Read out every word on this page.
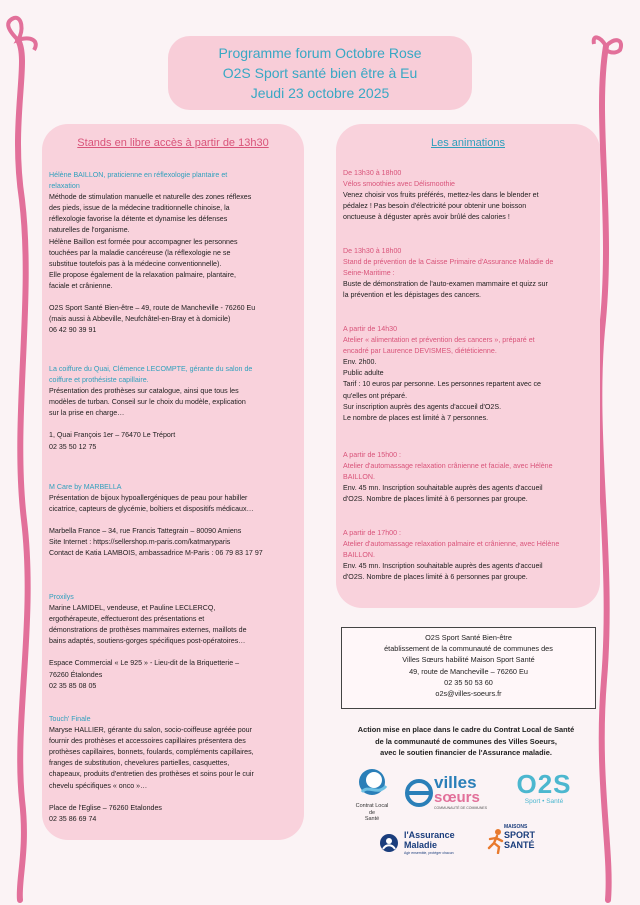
Programme forum Octobre Rose
O2S Sport santé bien être à Eu
Jeudi 23 octobre 2025
Stands en libre accès à partir de 13h30
Hélène BAILLON, praticienne en réflexologie plantaire et
relaxation
Méthode de stimulation manuelle et naturelle des zones réflexes
des pieds, issue de la médecine traditionnelle chinoise, la
réflexologie favorise la détente et dynamise les défenses
naturelles de l'organisme.
Hélène Baillon est formée pour accompagner les personnes
touchées par la maladie cancéreuse (la réflexologie ne se
substitue toutefois pas à la médecine conventionnelle).
Elle propose également de la relaxation palmaire, plantaire,
faciale et crânienne.
O2S Sport Santé Bien-être – 49, route de Mancheville - 76260 Eu
(mais aussi à Abbeville, Neufchâtel-en-Bray et à domicile)
06 42 90 39 91
La coiffure du Quai, Clémence LECOMPTE, gérante du salon de
coiffure et prothésiste capillaire.
Présentation des prothèses sur catalogue, ainsi que tous les
modèles de turban. Conseil sur le choix du modèle, explication
sur la prise en charge…
1, Quai François 1er – 76470 Le Tréport
02 35 50 12 75
M Care by MARBELLA
Présentation de bijoux hypoallergéniques de peau pour habiller
cicatrice, capteurs de glycémie, boîtiers et dispositifs médicaux…
Marbella France – 34, rue Francis Tattegrain – 80090 Amiens
Site Internet : https://sellershop.m-paris.com/katmaryparis
Contact de Katia LAMBOIS, ambassadrice M-Paris : 06 79 83 17 97
Proxilys
Marine LAMIDEL, vendeuse, et Pauline LECLERCQ,
ergothérapeute, effectueront des présentations et
démonstrations de prothèses mammaires externes, maillots de
bains adaptés, soutiens-gorges spécifiques post-opératoires…
Espace Commercial « Le 925 » - Lieu-dit de la Briquetterie –
76260 Étalondes
02 35 85 08 05
Touch' Finale
Maryse HALLIER, gérante du salon, socio-coiffeuse agréée pour
fournir des prothèses et accessoires capillaires présentera des
prothèses capillaires, bonnets, foulards, compléments capillaires,
franges de substitution, chevelures partielles, casquettes,
chapeaux, produits d'entretien des prothèses et soins pour le cuir
chevelu spécifiques « onco »…
Place de l'Eglise – 76260 Etalondes
02 35 86 69 74
Les animations
De 13h30 à 18h00
Vélos smoothies avec Délismoothie
Venez choisir vos fruits préférés, mettez-les dans le blender et
pédalez ! Pas besoin d'électricité pour obtenir une boisson
onctueuse à déguster après avoir brûlé des calories !
De 13h30 à 18h00
Stand de prévention de la Caisse Primaire d'Assurance Maladie de
Seine-Maritime :
Buste de démonstration de l'auto-examen mammaire et quizz sur
la prévention et les dépistages des cancers.
A partir de 14h30
Atelier « alimentation et prévention des cancers », préparé et
encadré par Laurence DEVISMES, diététicienne.
Env. 2h00.
Public adulte
Tarif : 10 euros par personne. Les personnes repartent avec ce
qu'elles ont préparé.
Sur inscription auprès des agents d'accueil d'O2S.
Le nombre de places est limité à 7 personnes.
A partir de 15h00 :
Atelier d'automassage relaxation crânienne et faciale, avec Hélène
BAILLON.
Env. 45 mn. Inscription souhaitable auprès des agents d'accueil
d'O2S. Nombre de places limité à 6 personnes par groupe.
A partir de 17h00 :
Atelier d'automassage relaxation palmaire et crânienne, avec Hélène
BAILLON.
Env. 45 mn. Inscription souhaitable auprès des agents d'accueil
d'O2S. Nombre de places limité à 6 personnes par groupe.
O2S Sport Santé Bien-être
établissement de la communauté de communes des
Villes Sœurs habilité Maison Sport Santé
49, route de Mancheville – 76260 Eu
02 35 50 53 60
o2s@villes-soeurs.fr
Action mise en place dans le cadre du Contrat Local de Santé
de la communauté de communes des Villes Soeurs,
avec le soutien financier de l'Assurance maladie.
Contrat Local
de
Santé
villes
sœurs
COMMUNAUTÉ DE COMMUNES
O2S
Sport • Santé
l'Assurance
Maladie
Agir ensemble, protéger chacun
MAISONS
SPORT
SANTÉ
